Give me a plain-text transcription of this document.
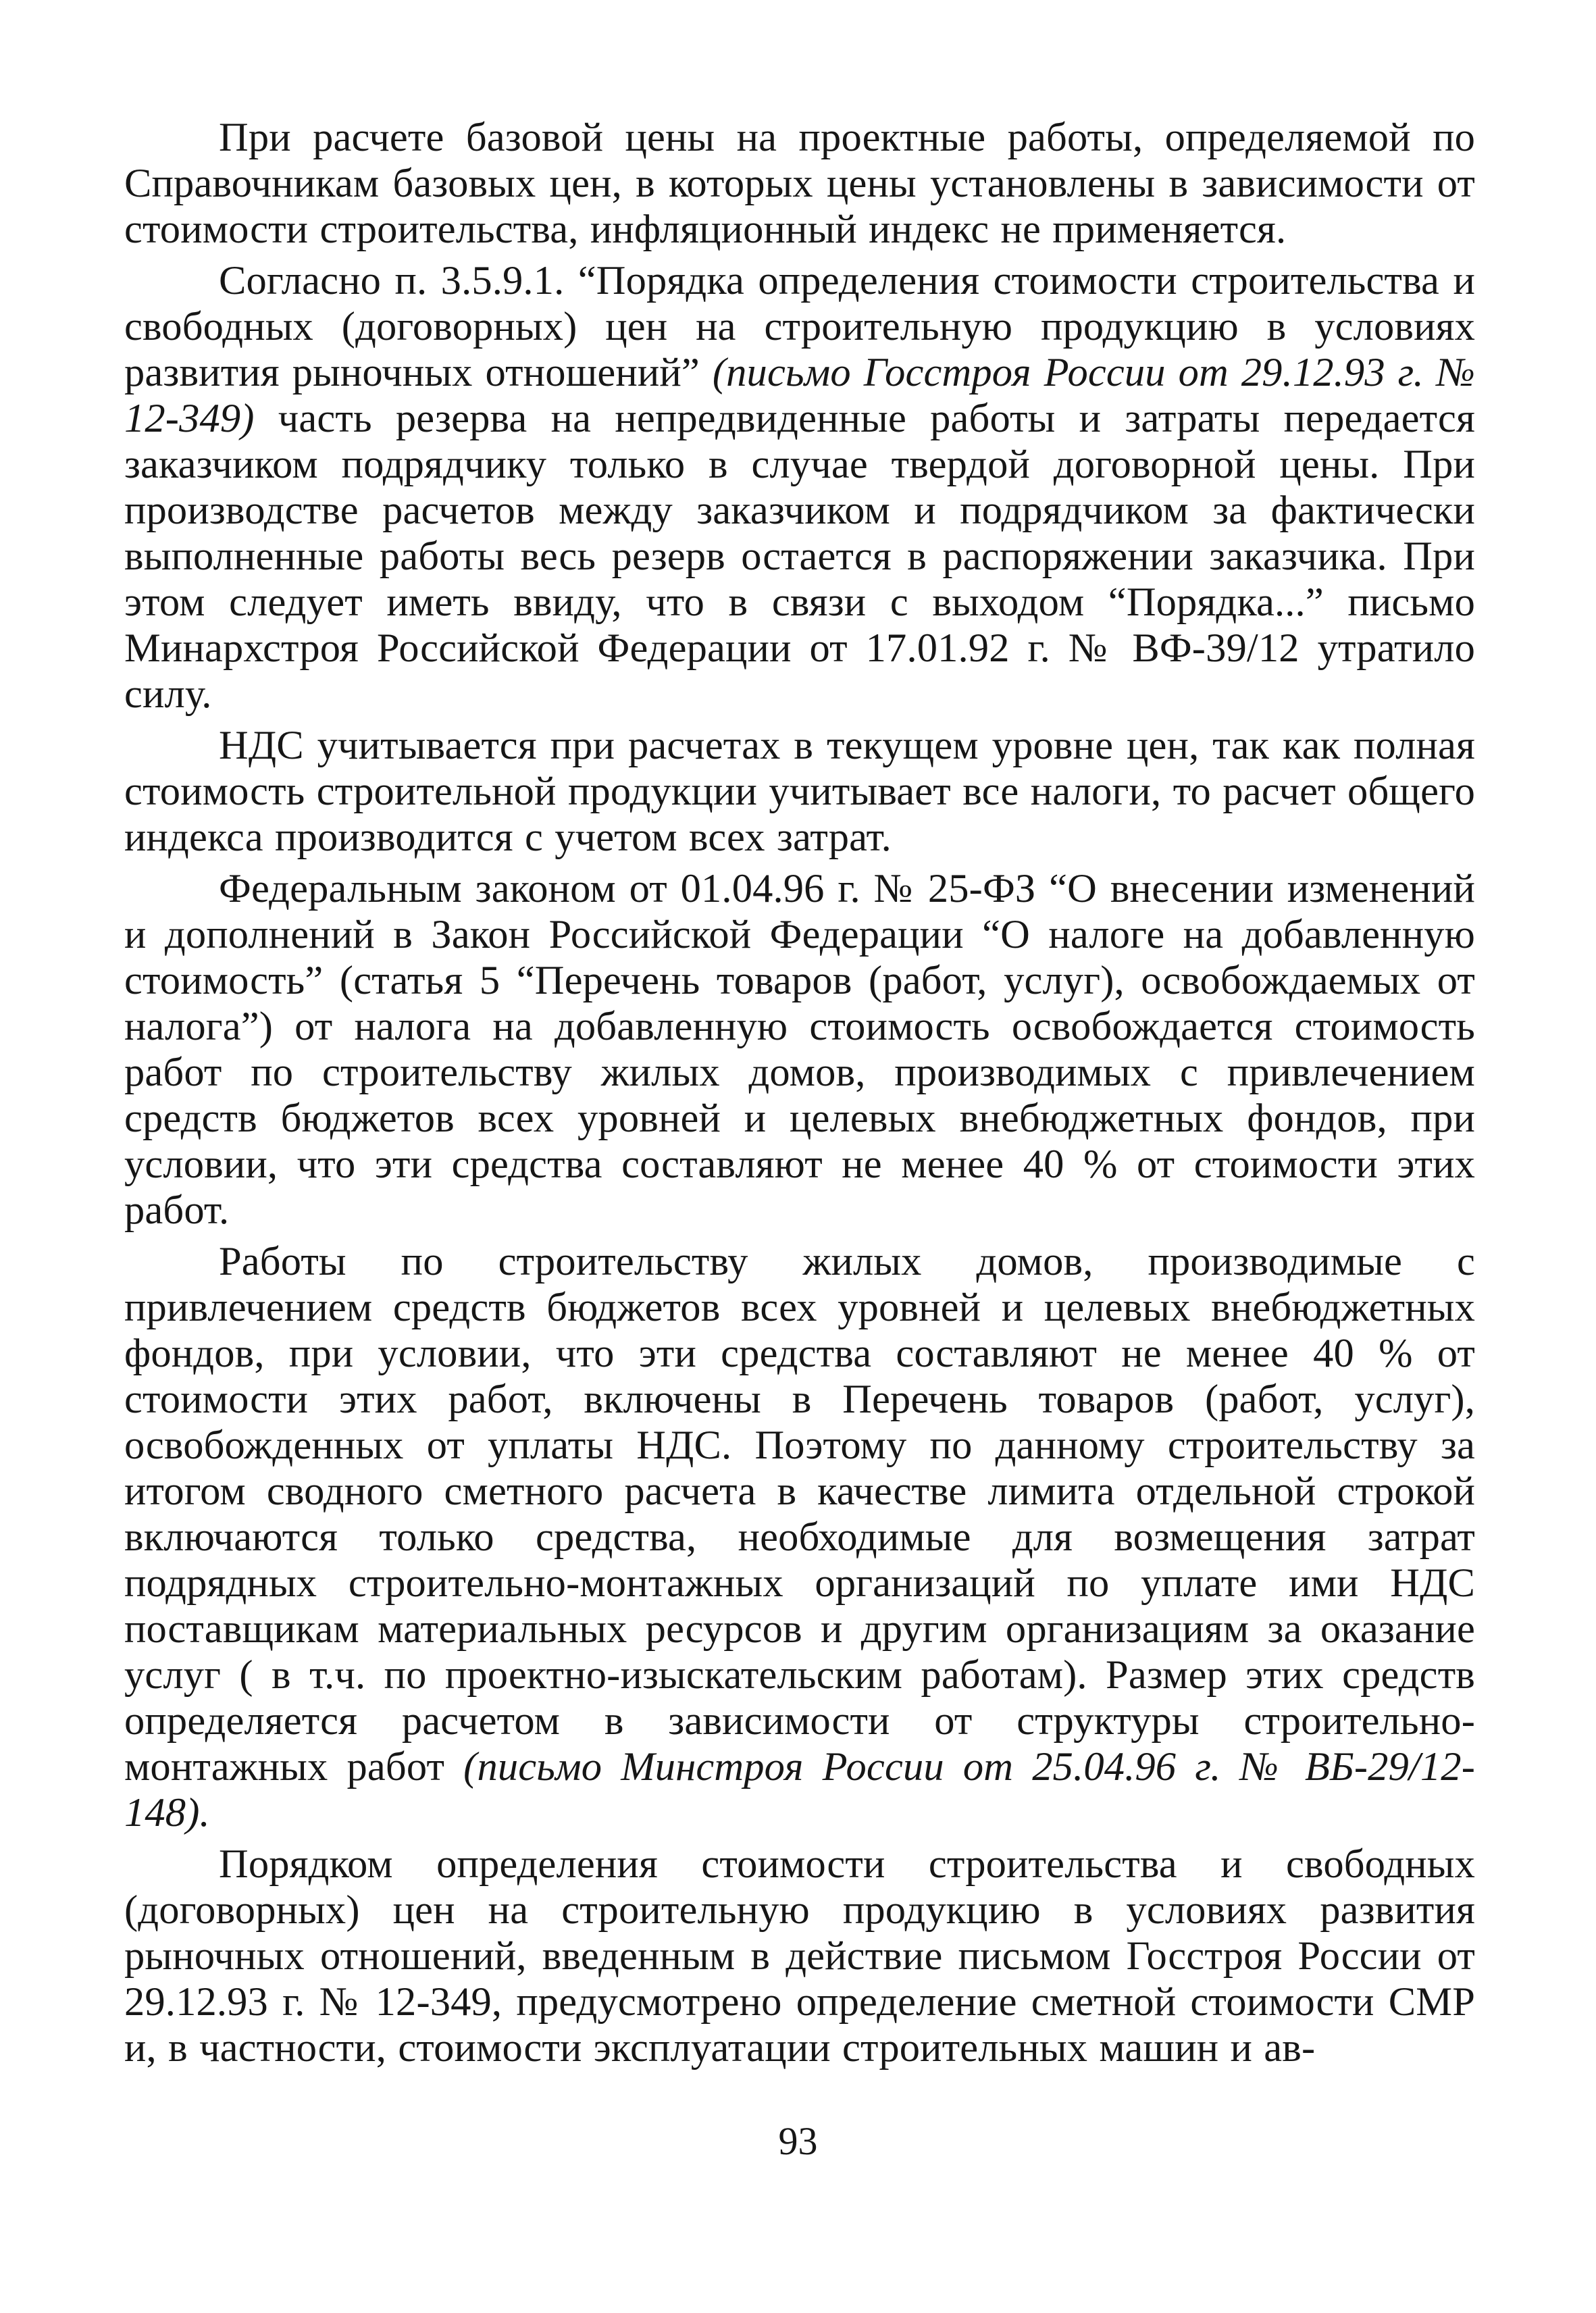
При расчете базовой цены на проектные работы, определяемой по Справочникам базовых цен, в которых цены установлены в зависимости от стоимости строительства, инфляционный индекс не применяется.

Согласно п. 3.5.9.1. “Порядка определения стоимости строительства и свободных (договорных) цен на строительную продукцию в условиях развития рыночных отношений” (письмо Госстроя России от 29.12.93 г. № 12-349) часть резерва на непредвиденные работы и затраты передается заказчиком подрядчику только в случае твердой договорной цены. При производстве расчетов между заказчиком и подрядчиком за фактически выполненные работы весь резерв остается в распоряжении заказчика. При этом следует иметь ввиду, что в связи с выходом “Порядка...” письмо Минархстроя Российской Федерации от 17.01.92 г. № ВФ-39/12 утратило силу.

НДС учитывается при расчетах в текущем уровне цен, так как полная стоимость строительной продукции учитывает все налоги, то расчет общего индекса производится с учетом всех затрат.

Федеральным законом от 01.04.96 г. № 25-ФЗ “О внесении изменений и дополнений в Закон Российской Федерации “О налоге на добавленную стоимость” (статья 5 “Перечень товаров (работ, услуг), освобождаемых от налога”) от налога на добавленную стоимость освобождается стоимость работ по строительству жилых домов, производимых с привлечением средств бюджетов всех уровней и целевых внебюджетных фондов, при условии, что эти средства составляют не менее 40 % от стоимости этих работ.

Работы по строительству жилых домов, производимые с привлечением средств бюджетов всех уровней и целевых внебюджетных фондов, при условии, что эти средства составляют не менее 40 % от стоимости этих работ, включены в Перечень товаров (работ, услуг), освобожденных от уплаты НДС. Поэтому по данному строительству за итогом сводного сметного расчета в качестве лимита отдельной строкой включаются только средства, необходимые для возмещения затрат подрядных строительно-монтажных организаций по уплате ими НДС поставщикам материальных ресурсов и другим организациям за оказание услуг ( в т.ч. по проектно-изыскательским работам). Размер этих средств определяется расчетом в зависимости от структуры строительно-монтажных работ (письмо Минстроя России от 25.04.96 г. № ВБ-29/12-148).

Порядком определения стоимости строительства и свободных (договорных) цен на строительную продукцию в условиях развития рыночных отношений, введенным в действие письмом Госстроя России от 29.12.93 г. № 12-349, предусмотрено определение сметной стоимости СМР и, в частности, стоимости эксплуатации строительных машин и ав-

93
